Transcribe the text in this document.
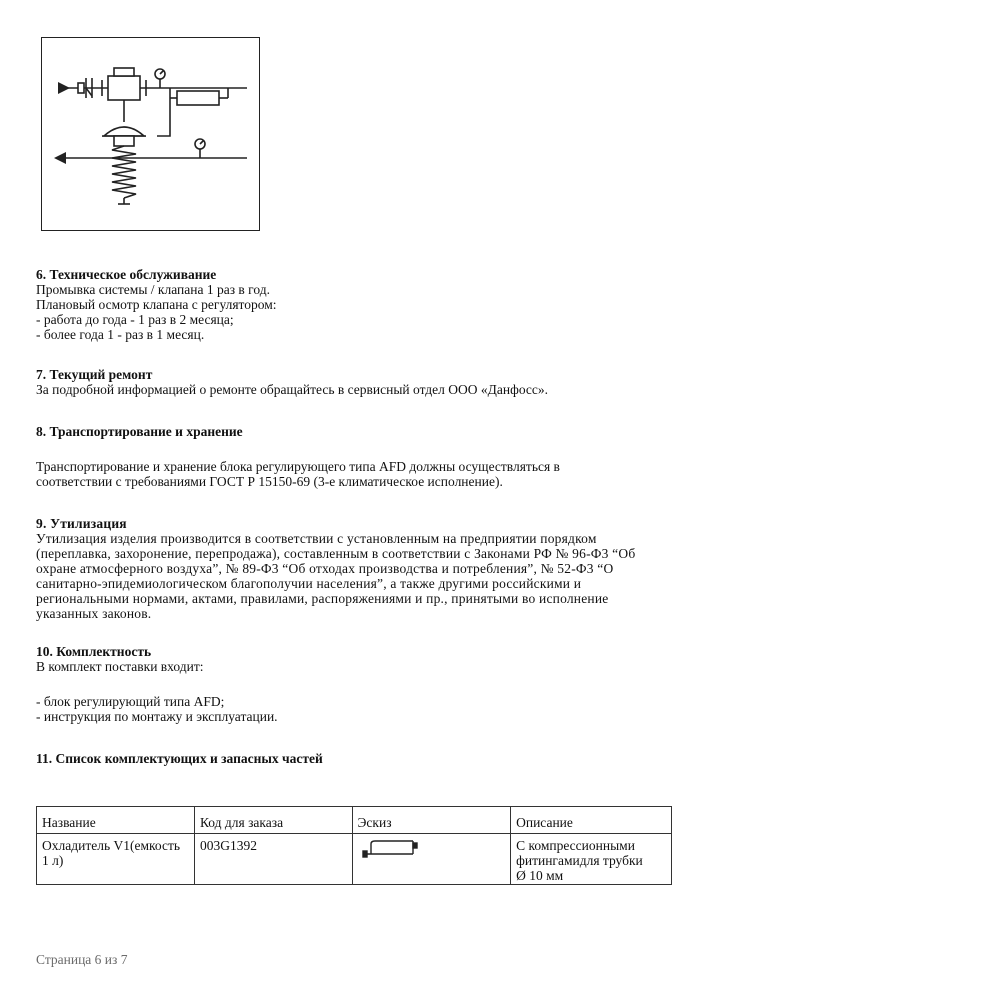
6. Техническое обслуживание
Промывка системы / клапана 1 раз в год.
Плановый осмотр клапана с регулятором:
- работа до года - 1 раз в 2 месяца;
- более года 1 - раз в 1 месяц.
7. Текущий ремонт
За подробной информацией о ремонте обращайтесь в сервисный отдел ООО «Данфосс».
8. Транспортирование и хранение
Транспортирование и хранение блока регулирующего типа AFD должны осуществляться в
соответствии с требованиями ГОСТ Р 15150-69 (3-е климатическое исполнение).
9. Утилизация
Утилизация изделия производится в соответствии с установленным на предприятии порядком
(переплавка, захоронение, перепродажа), составленным в соответствии с Законами РФ № 96-Ф3 “Об
охране атмосферного воздуха”, № 89-Ф3 “Об отходах производства и потребления”, № 52-Ф3 “О
санитарно-эпидемиологическом благополучии населения”, а также другими российскими и
региональными нормами, актами, правилами, распоряжениями и пр., принятыми во исполнение
указанных законов.
10. Комплектность
В комплект поставки входит:
- блок регулирующий типа AFD;
- инструкция по монтажу и эксплуатации.
11. Список комплектующих и запасных частей
Название	Код для заказа	Эскиз	Описание

Охладитель V1(емкость
1 л)	003G1392		С компрессионными
фитингамидля трубки
Ø 10 мм
Страница 6 из 7
